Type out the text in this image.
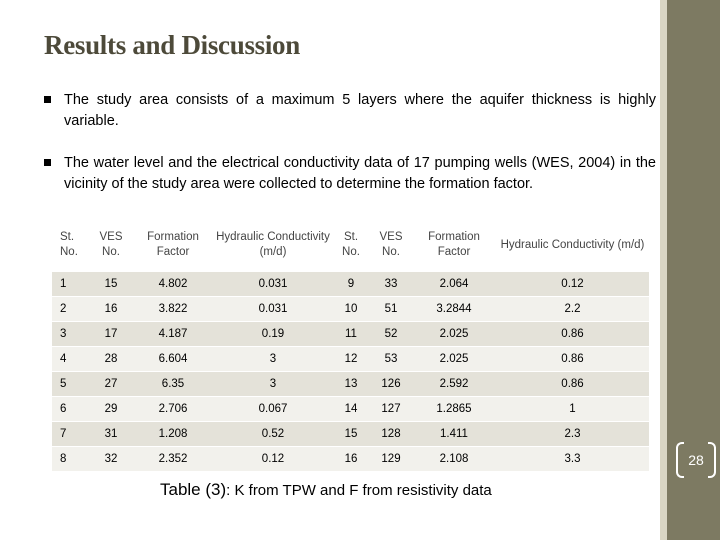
Results and Discussion
The study area consists of a maximum 5 layers where the aquifer thickness is highly variable.
The water level and the electrical conductivity data of 17 pumping wells (WES, 2004) in the vicinity of the study area were collected to determine the formation factor.
St. No.	VES No.	Formation Factor	Hydraulic Conductivity (m/d)	St. No.	VES No.	Formation Factor	Hydraulic Conductivity (m/d)
1	15	4.802	0.031	9	33	2.064	0.12
2	16	3.822	0.031	10	51	3.2844	2.2
3	17	4.187	0.19	11	52	2.025	0.86
4	28	6.604	3	12	53	2.025	0.86
5	27	6.35	3	13	126	2.592	0.86
6	29	2.706	0.067	14	127	1.2865	1
7	31	1.208	0.52	15	128	1.411	2.3
8	32	2.352	0.12	16	129	2.108	3.3
Table (3): K from TPW and F from resistivity data
28
